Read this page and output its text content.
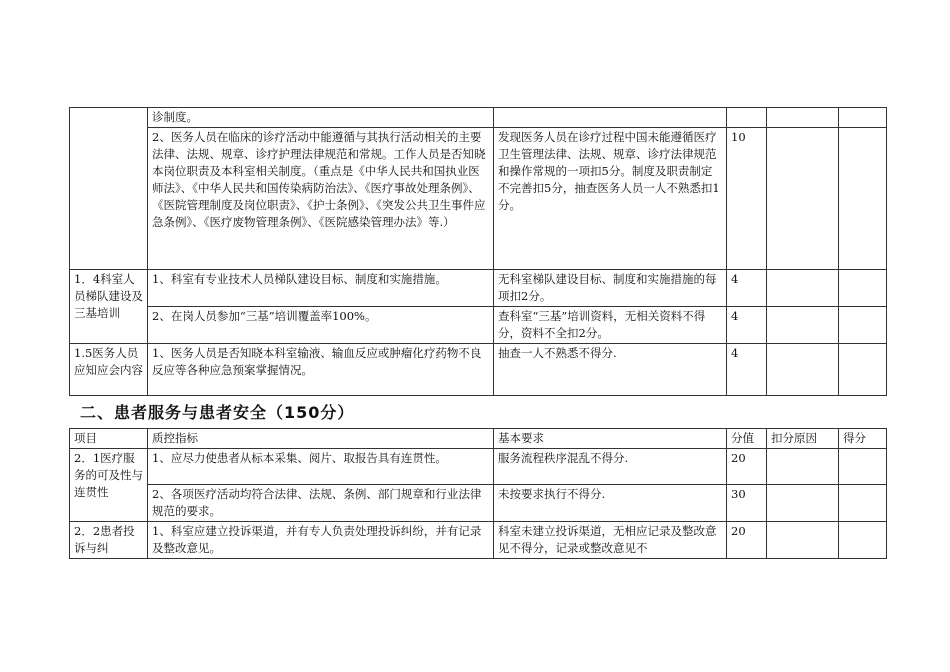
	诊制度。				
	2、医务人员在临床的诊疗活动中能遵循与其执行活动相关的主要法律、法规、规章、诊疗护理法律规范和常规。工作人员是否知晓本岗位职责及本科室相关制度。（重点是《中华人民共和国执业医师法》、《中华人民共和国传染病防治法》、《医疗事故处理条例》、《医院管理制度及岗位职责》、《护士条例》、《突发公共卫生事件应急条例》、《医疗废物管理条例》、《医院感染管理办法》等.）	发现医务人员在诊疗过程中国未能遵循医疗卫生管理法律、法规、规章、诊疗法律规范和操作常规的一项扣5分。制度及职责制定不完善扣5分，抽查医务人员一人不熟悉扣1分。	10		
1．4科室人员梯队建设及三基培训	1、科室有专业技术人员梯队建设目标、制度和实施措施。	无科室梯队建设目标、制度和实施措施的每项扣2分。	4		
	2、在岗人员参加“三基”培训覆盖率100%。	查科室“三基”培训资料，无相关资料不得分，资料不全扣2分。	4		
1.5医务人员应知应会内容	1、医务人员是否知晓本科室输液、输血反应或肿瘤化疗药物不良反应等各种应急预案掌握情况。	抽查一人不熟悉不得分.	4		
二、患者服务与患者安全（150分）
项目	质控指标	基本要求	分值	扣分原因	得分
2．1医疗服务的可及性与连贯性	1、应尽力使患者从标本采集、阅片、取报告具有连贯性。	服务流程秩序混乱不得分.	20		
	2、各项医疗活动均符合法律、法规、条例、部门规章和行业法律规范的要求。	未按要求执行不得分.	30		
2．2患者投诉与纠	1、科室应建立投诉渠道，并有专人负责处理投诉纠纷，并有记录及整改意见。	科室未建立投诉渠道，无相应记录及整改意见不得分，记录或整改意见不	20		
